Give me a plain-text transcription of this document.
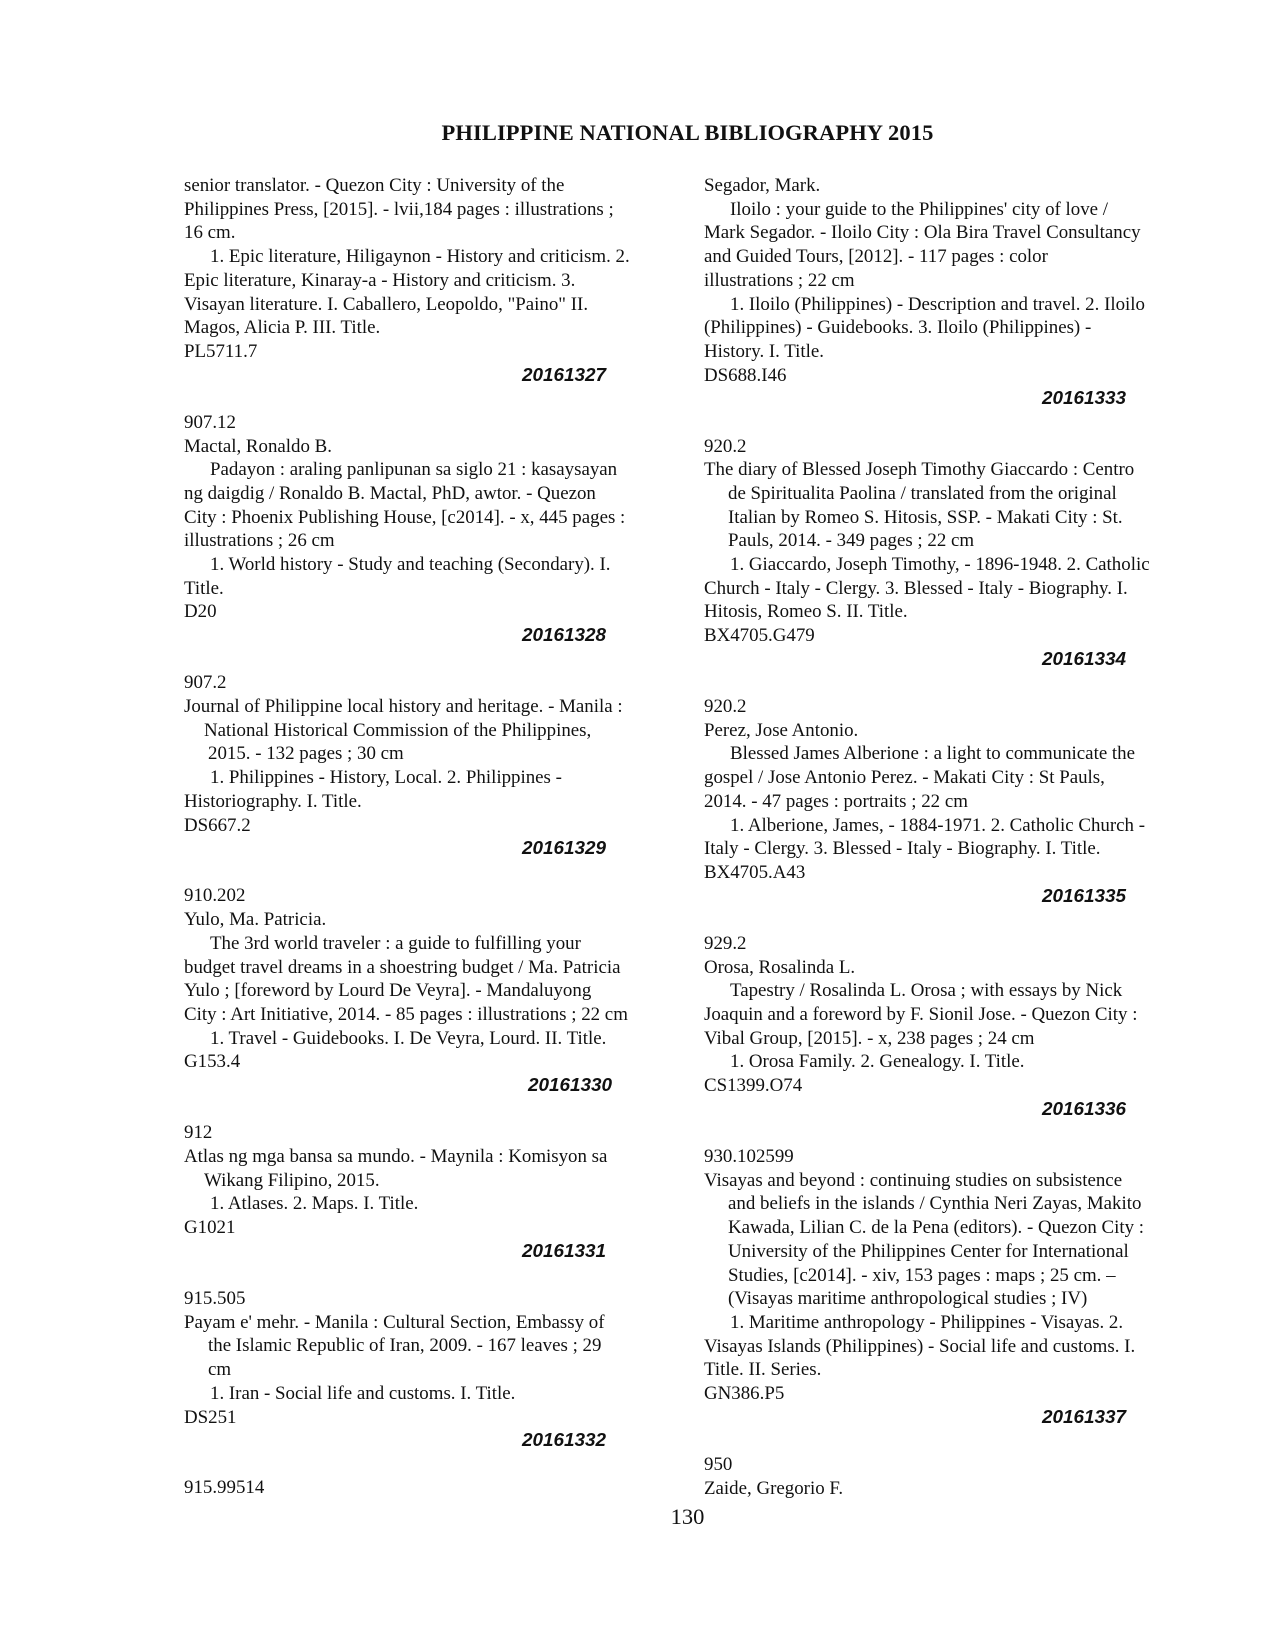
PHILIPPINE NATIONAL BIBLIOGRAPHY 2015

senior translator. - Quezon City : University of the

Philippines Press, [2015]. - lvii,184 pages : illustrations ;

16 cm.

1. Epic literature, Hiligaynon - History and criticism. 2.

Epic literature, Kinaray-a - History and criticism. 3.

Visayan literature. I. Caballero, Leopoldo, "Paino" II.

Magos, Alicia P. III. Title.

PL5711.7

20161327

907.12

Mactal, Ronaldo B.

Padayon : araling panlipunan sa siglo 21 : kasaysayan

ng daigdig / Ronaldo B. Mactal, PhD, awtor. - Quezon

City : Phoenix Publishing House, [c2014]. - x, 445 pages :

illustrations ; 26 cm

1. World history - Study and teaching (Secondary). I.

Title.

D20

20161328

907.2

Journal of Philippine local history and heritage. - Manila :

National Historical Commission of the Philippines,

2015. - 132 pages ; 30 cm

1. Philippines - History, Local. 2. Philippines -

Historiography. I. Title.

DS667.2

20161329

910.202

Yulo, Ma. Patricia.

The 3rd world traveler : a guide to fulfilling your

budget travel dreams in a shoestring budget / Ma. Patricia

Yulo ; [foreword by Lourd De Veyra]. - Mandaluyong

City : Art Initiative, 2014. - 85 pages : illustrations ; 22 cm

1. Travel - Guidebooks. I. De Veyra, Lourd. II. Title.

G153.4

20161330

912

Atlas ng mga bansa sa mundo. - Maynila : Komisyon sa

Wikang Filipino, 2015.

1. Atlases. 2. Maps. I. Title.

G1021

20161331

915.505

Payam e' mehr. - Manila : Cultural Section, Embassy of

the Islamic Republic of Iran, 2009. - 167 leaves ; 29

cm

1. Iran - Social life and customs. I. Title.

DS251

20161332

915.99514

Segador, Mark.

Iloilo : your guide to the Philippines' city of love /

Mark Segador. - Iloilo City : Ola Bira Travel Consultancy

and Guided Tours, [2012]. - 117 pages : color

illustrations ; 22 cm

1. Iloilo (Philippines) - Description and travel. 2. Iloilo

(Philippines) - Guidebooks. 3. Iloilo (Philippines) -

History. I. Title.

DS688.I46

20161333

920.2

The diary of Blessed Joseph Timothy Giaccardo : Centro

de Spiritualita Paolina / translated from the original

Italian by Romeo S. Hitosis, SSP. - Makati City : St.

Pauls, 2014. - 349 pages ; 22 cm

1. Giaccardo, Joseph Timothy, - 1896-1948. 2. Catholic

Church - Italy - Clergy. 3. Blessed - Italy - Biography. I.

Hitosis, Romeo S. II. Title.

BX4705.G479

20161334

920.2

Perez, Jose Antonio.

Blessed James Alberione : a light to communicate the

gospel / Jose Antonio Perez. - Makati City : St Pauls,

2014. - 47 pages : portraits ; 22 cm

1. Alberione, James, - 1884-1971. 2. Catholic Church -

Italy - Clergy. 3. Blessed - Italy - Biography. I. Title.

BX4705.A43

20161335

929.2

Orosa, Rosalinda L.

Tapestry / Rosalinda L. Orosa ; with essays by Nick

Joaquin and a foreword by F. Sionil Jose. - Quezon City :

Vibal Group, [2015]. - x, 238 pages ; 24 cm

1. Orosa Family. 2. Genealogy. I. Title.

CS1399.O74

20161336

930.102599

Visayas and beyond : continuing studies on subsistence

and beliefs in the islands / Cynthia Neri Zayas, Makito

Kawada, Lilian C. de la Pena (editors). - Quezon City :

University of the Philippines Center for International

Studies, [c2014]. - xiv, 153 pages : maps ; 25 cm. –

(Visayas maritime anthropological studies ; IV)

1. Maritime anthropology - Philippines - Visayas. 2.

Visayas Islands (Philippines) - Social life and customs. I.

Title. II. Series.

GN386.P5

20161337

950

Zaide, Gregorio F.

130
